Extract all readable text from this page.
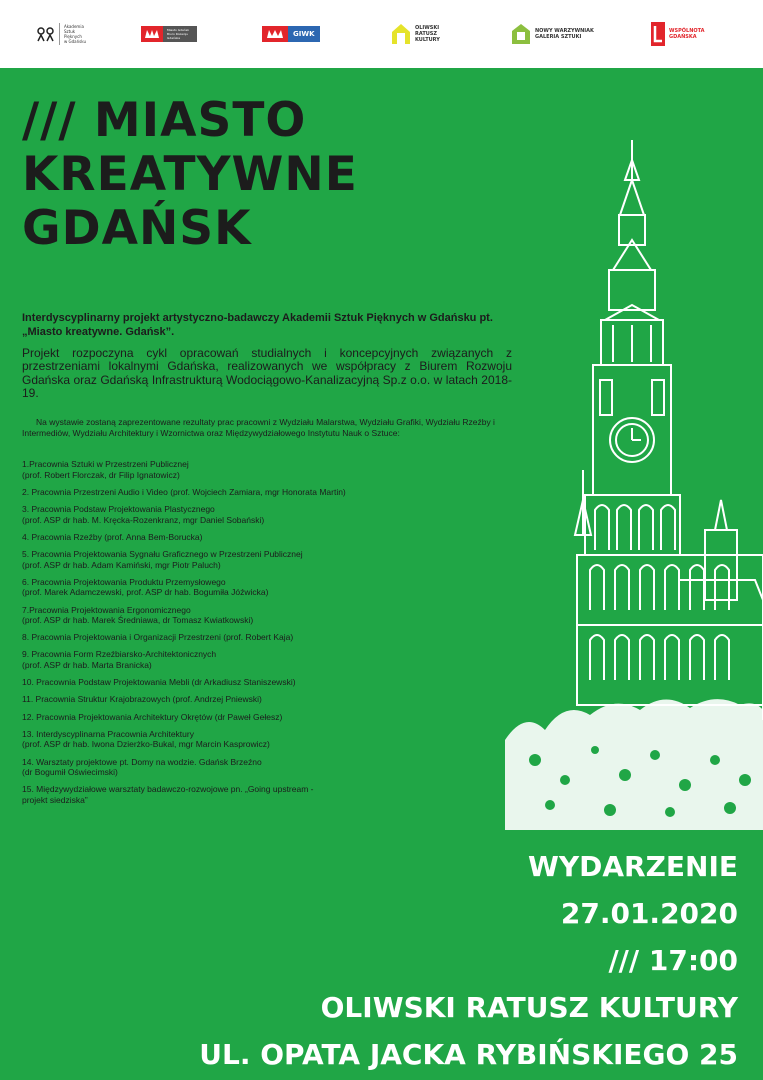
Akademia
Sztuk
Pięknych
w Gdańsku
Miasto Gdańsk
Biuro Rozwoju Gdańska	GIWK
OLIWSKI
RATUSZ
KULTURY
NOWY WARZYWNIAK
GALERIA SZTUKI
WSPÓLNOTA
GDAŃSKA
/// MIASTO
KREATYWNE
GDAŃSK
Interdyscyplinarny projekt artystyczno-badawczy Akademii Sztuk Pięknych w Gdańsku pt. „Miasto kreatywne. Gdańsk”.
Projekt rozpoczyna cykl opracowań studialnych i koncepcyjnych związanych z przestrzeniami lokalnymi Gdańska, realizowanych we współpracy z Biurem Rozwoju Gdańska oraz Gdańską Infrastrukturą Wodociągowo-Kanalizacyjną Sp.z o.o. w latach 2018-19.
Na wystawie zostaną zaprezentowane rezultaty prac pracowni z Wydziału Malarstwa, Wydziału Grafiki, Wydziału Rzeźby i Intermediów, Wydziału Architektury i Wzornictwa oraz Międzywydziałowego Instytutu Nauk o Sztuce:
1.Pracownia Sztuki w Przestrzeni Publicznej
(prof. Robert Florczak, dr Filip Ignatowicz)
2. Pracownia Przestrzeni Audio i Video (prof. Wojciech Zamiara, mgr Honorata Martin)
3. Pracownia Podstaw Projektowania Plastycznego
(prof. ASP dr hab. M. Kręcka-Rozenkranz, mgr Daniel Sobański)
4. Pracownia Rzeźby (prof. Anna Bem-Borucka)
5. Pracownia Projektowania Sygnału Graficznego w Przestrzeni Publicznej
(prof. ASP dr hab. Adam Kamiński, mgr Piotr Paluch)
6. Pracownia Projektowania Produktu Przemysłowego
(prof. Marek Adamczewski, prof. ASP dr hab. Bogumiła Jóźwicka)
7.Pracownia Projektowania Ergonomicznego
(prof. ASP dr hab. Marek Średniawa, dr Tomasz Kwiatkowski)
8. Pracownia Projektowania i Organizacji Przestrzeni (prof. Robert Kaja)
9. Pracownia Form Rzeźbiarsko-Architektonicznych
(prof. ASP dr hab. Marta Branicka)
10. Pracownia Podstaw Projektowania Mebli (dr Arkadiusz Staniszewski)
11. Pracownia Struktur Krajobrazowych (prof. Andrzej Pniewski)
12. Pracownia Projektowania Architektury Okrętów (dr Paweł Gełesz)
13. Interdyscyplinarna Pracownia Architektury
(prof. ASP dr hab. Iwona Dzierżko-Bukal, mgr Marcin Kasprowicz)
14. Warsztaty projektowe pt. Domy na wodzie. Gdańsk Brzeźno
(dr Bogumił Oświecimski)
15. Międzywydziałowe warsztaty badawczo-rozwojowe pn. „Going upstream -
projekt siedziska”
WYDARZENIE
27.01.2020
/// 17:00
OLIWSKI RATUSZ KULTURY
UL. OPATA JACKA RYBIŃSKIEGO 25
